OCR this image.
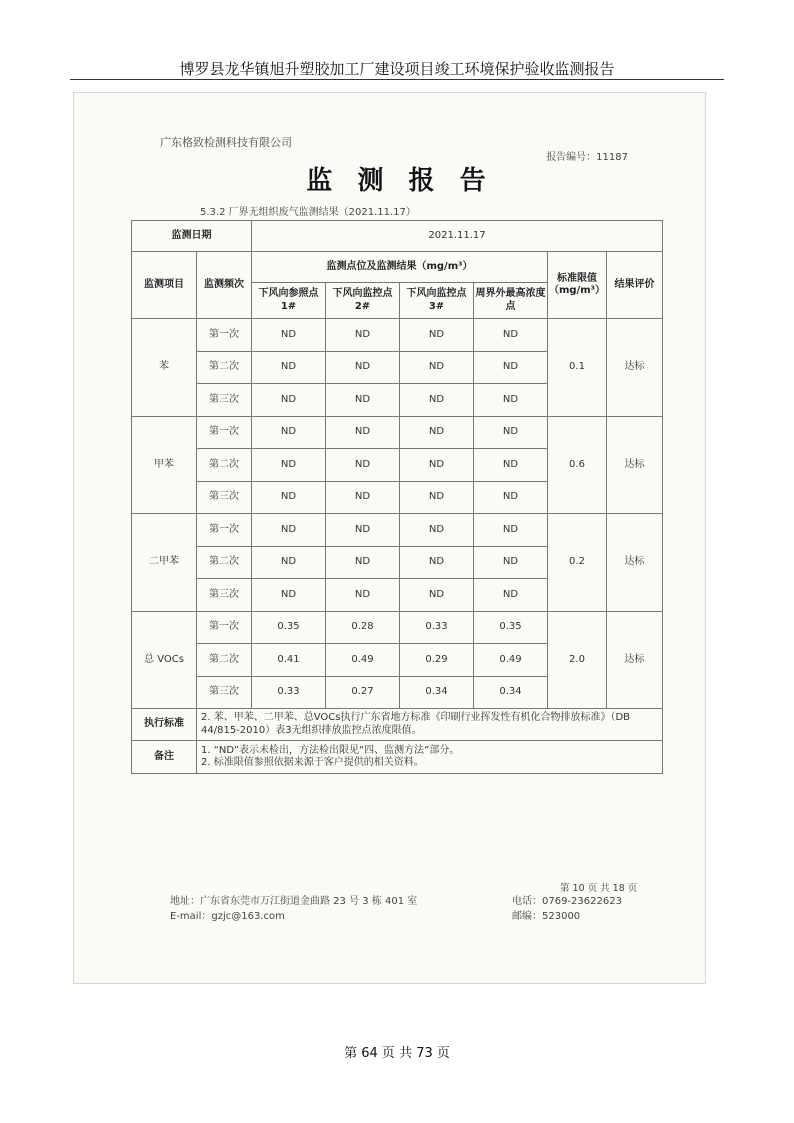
博罗县龙华镇旭升塑胶加工厂建设项目竣工环境保护验收监测报告
广东格致检测科技有限公司
报告编号：11187
监 测 报 告
5.3.2 厂界无组织废气监测结果（2021.11.17）
监测日期		2021.11.17					
监测项目	监测频次	监测点位及监测结果（mg/m³）				标准限值（mg/m³）	结果评价
		下风向参照点 1#	下风向监控点 2#	下风向监控点 3#	周界外最高浓度点		
苯	第一次	ND	ND	ND	ND	0.1	达标
	第二次	ND	ND	ND	ND		
	第三次	ND	ND	ND	ND		
甲苯	第一次	ND	ND	ND	ND	0.6	达标
	第二次	ND	ND	ND	ND		
	第三次	ND	ND	ND	ND		
二甲苯	第一次	ND	ND	ND	ND	0.2	达标
	第二次	ND	ND	ND	ND		
	第三次	ND	ND	ND	ND		
总 VOCs	第一次	0.35	0.28	0.33	0.35	2.0	达标
	第二次	0.41	0.49	0.29	0.49		
	第三次	0.33	0.27	0.34	0.34		
执行标准	2. 苯、甲苯、二甲苯、总VOCs执行广东省地方标准《印刷行业挥发性有机化合物排放标准》（DB 44/815-2010）表3无组织排放监控点浓度限值。						
备注	1. “ND”表示未检出，方法检出限见“四、监测方法”部分。
2. 标准限值参照依据来源于客户提供的相关资料。						
第 10 页 共 18 页
地址：广东省东莞市万江街道金曲路 23 号 3 栋 401 室
E-mail：gzjc@163.com
电话：0769-23622623
邮编：523000
第 64 页 共 73 页
